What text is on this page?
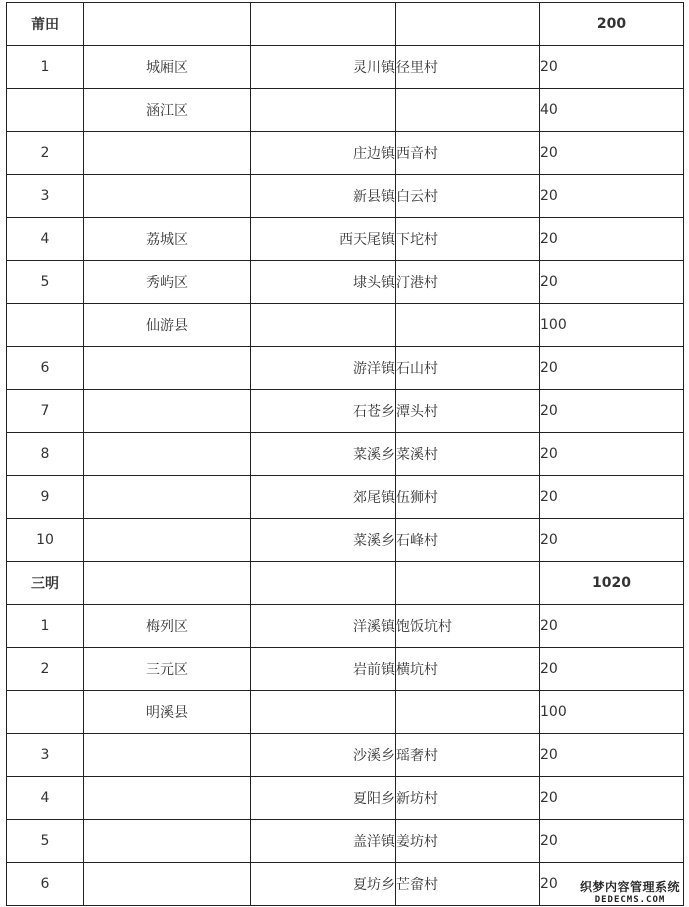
莆田				200
1	城厢区	灵川镇	径里村	20
	涵江区			40
2		庄边镇	西音村	20
3		新县镇	白云村	20
4	荔城区	西天尾镇	下坨村	20
5	秀屿区	埭头镇	汀港村	20
	仙游县			100
6		游洋镇	石山村	20
7		石苍乡	潭头村	20
8		菜溪乡	菜溪村	20
9		郊尾镇	伍狮村	20
10		菜溪乡	石峰村	20
三明				1020
1	梅列区	洋溪镇	饱饭坑村	20
2	三元区	岩前镇	横坑村	20
	明溪县			100
3		沙溪乡	瑶奢村	20
4		夏阳乡	新坊村	20
5		盖洋镇	姜坊村	20
6		夏坊乡	芒畲村	20 织梦内容管理系统
DEDECMS.COM
